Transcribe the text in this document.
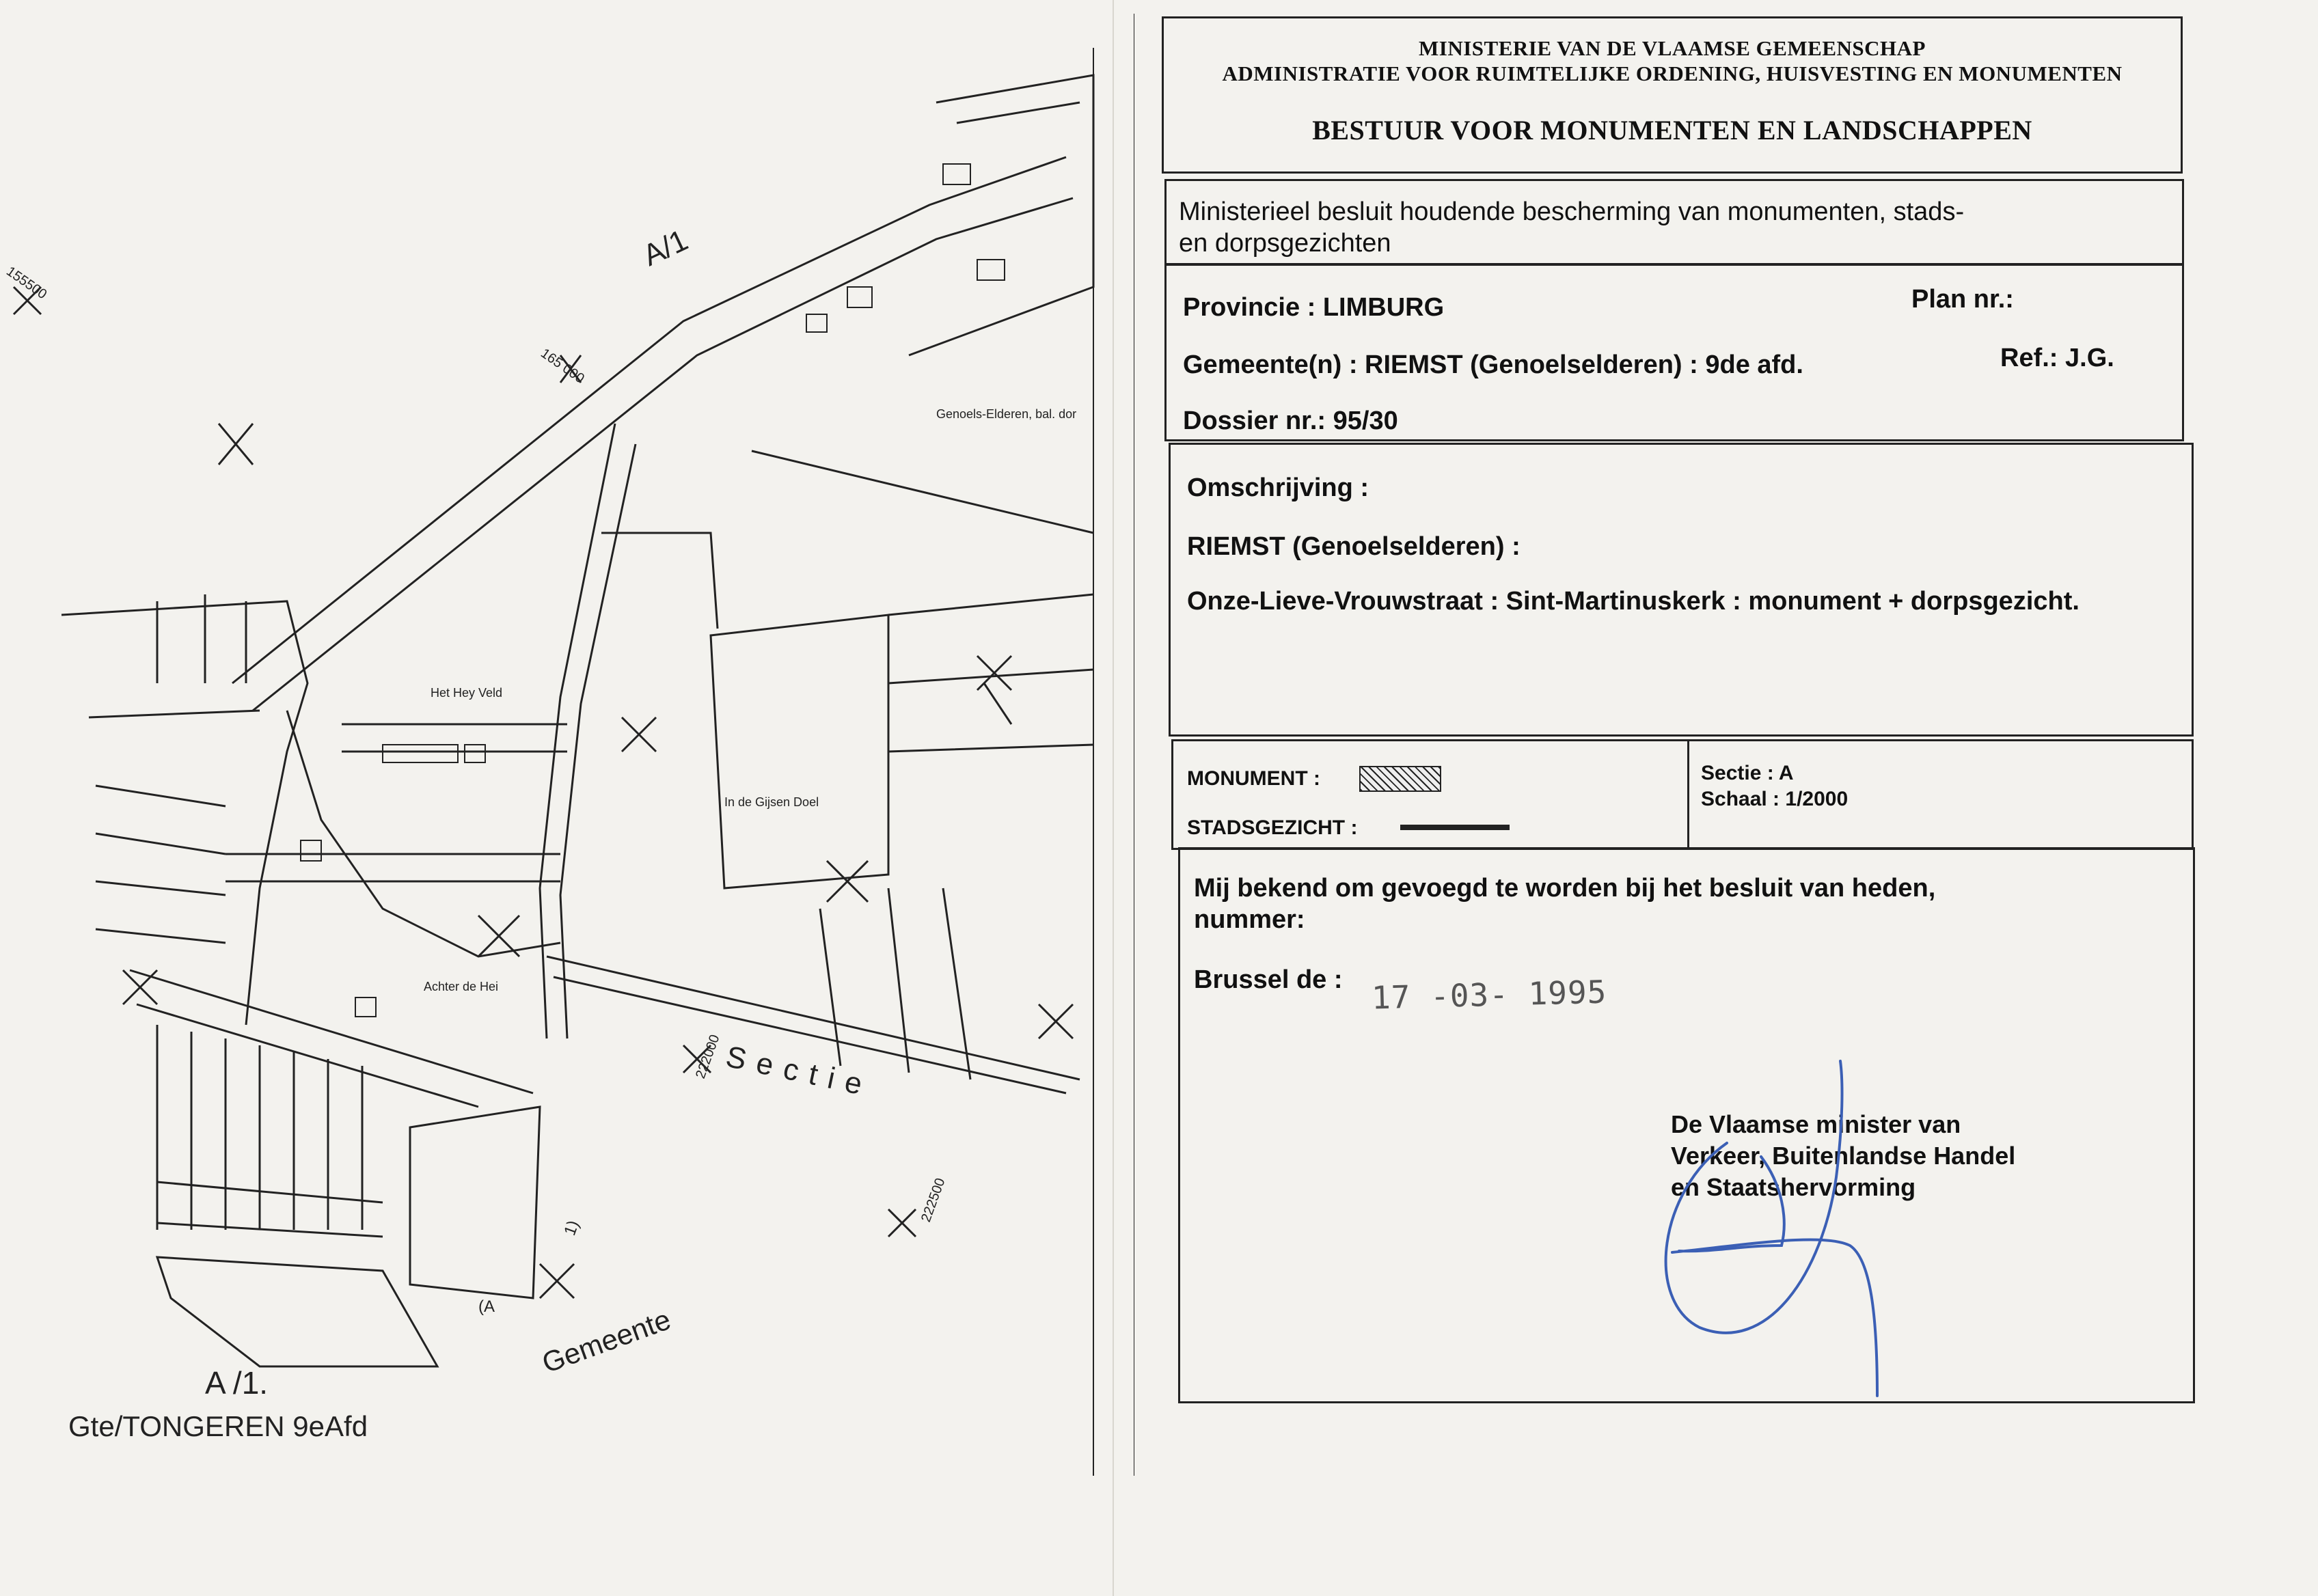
A/1
155500
165 000
Genoels-Elderen, bal. dor
Het Hey Veld
In de Gijsen Doel
Achter de Hei
222000
222500
Sectie
(A
1)
Gemeente
A /1.
Gte/TONGEREN 9eAfd
MINISTERIE VAN DE VLAAMSE GEMEENSCHAP
ADMINISTRATIE VOOR RUIMTELIJKE ORDENING, HUISVESTING EN MONUMENTEN
BESTUUR VOOR MONUMENTEN EN LANDSCHAPPEN
Ministerieel besluit houdende bescherming van monumenten, stads-
en dorpsgezichten
Provincie : LIMBURG	Plan nr.:
Gemeente(n) : RIEMST (Genoelselderen) : 9de afd.	Ref.: J.G.
Dossier nr.: 95/30
Omschrijving :
RIEMST (Genoelselderen) :
Onze-Lieve-Vrouwstraat : Sint-Martinuskerk : monument + dorpsgezicht.
MONUMENT :
STADSGEZICHT :
Sectie : A
Schaal : 1/2000
Mij bekend om gevoegd te worden bij het besluit van heden,
nummer:
Brussel de : 17 -03- 1995
De Vlaamse minister van
Verkeer, Buitenlandse Handel
en Staatshervorming
